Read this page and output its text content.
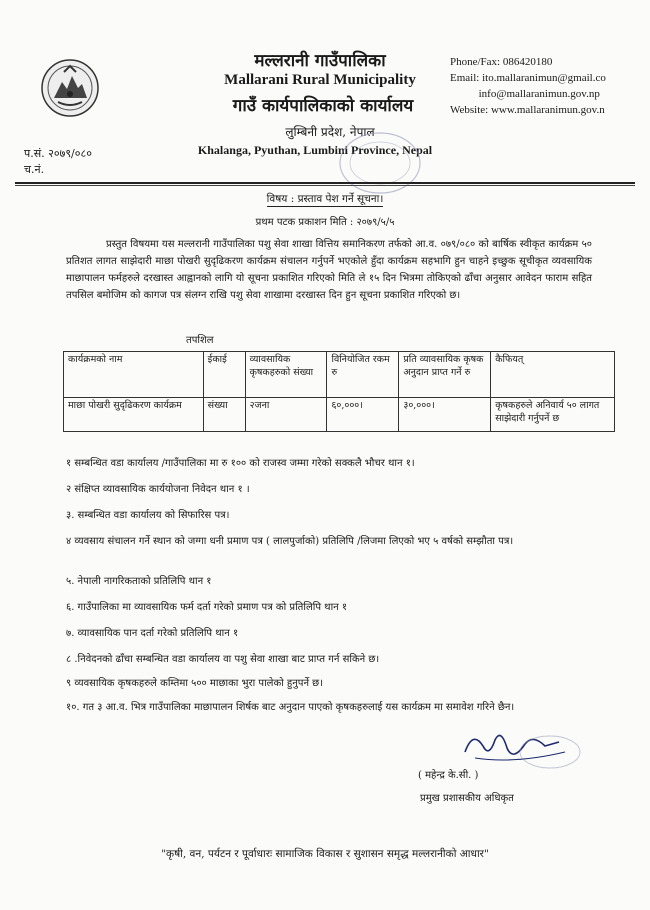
मल्लरानी गाउँपालिका
Mallarani Rural Municipality
गाउँ कार्यपालिकाको कार्यालय
लुम्बिनी प्रदेश, नेपाल
Khalanga, Pyuthan, Lumbini Province, Nepal
Phone/Fax: 086420180
Email: ito.mallaranimun@gmail.co
info@mallaranimun.gov.np
Website: www.mallaranimun.gov.n
प.सं. २०७९/०८०
च.नं.
विषय : प्रस्ताव पेश गर्ने सूचना।
प्रथम पटक प्रकाशन मिति : २०७९/५/५
प्रस्तुत विषयमा यस मल्लरानी गाउँपालिका पशु सेवा शाखा वित्तिय समानिकरण तर्फको आ.व. ०७९/०८० को बार्षिक स्वीकृत कार्यक्रम ५० प्रतिशत लागत साझेदारी माछा पोखरी सुदृढिकरण कार्यक्रम संचालन गर्नुपर्ने भएकोले हुँदा कार्यक्रम सहभागि हुन चाहने इच्छुक सूचीकृत व्यवसायिक माछापालन फर्महरुले दरखास्त आह्वानको लागि यो सूचना प्रकाशित गरिएको मिति ले १५ दिन भित्रमा तोकिएको ढाँचा अनुसार आवेदन फाराम सहित तपसिल बमोजिम को कागज पत्र संलग्न राखि पशु सेवा शाखामा दरखास्त दिन हुन सूचना प्रकाशित गरिएको छ।
तपशिल
कार्यक्रमको नाम	ईकाई	व्यावसायिक कृषकहरुको संख्या	विनियोजित रकम रु	प्रति व्यावसायिक कृषक अनुदान प्राप्त गर्ने रु	कैफियत्
माछा पोखरी सुदृढिकरण कार्यक्रम	संख्या	२जना	६०,०००।	३०,०००।	कृषकहरुले अनिवार्य ५० लागत साझेदारी गर्नुपर्ने छ
१ सम्बन्धित वडा कार्यालय /गाउँपालिका मा रु १०० को राजस्व जम्मा गरेको सक्कलै भौचर थान १।
२ संक्षिप्त व्यावसायिक कार्ययोजना निवेदन थान १ ।
३. सम्बन्धित वडा कार्यालय को सिफारिस पत्र।
४ व्यवसाय संचालन गर्ने स्थान को जग्गा धनी प्रमाण पत्र ( लालपुर्जाको) प्रतिलिपि /लिजमा लिएको भए ५ वर्षको सम्झौता पत्र।
५. नेपाली नागरिकताको प्रतिलिपि थान १
६. गाउँपालिका मा व्यावसायिक फर्म दर्ता गरेको प्रमाण पत्र को प्रतिलिपि थान १
७. व्यावसायिक पान दर्ता गरेको प्रतिलिपि थान १
८ .निवेदनको ढाँचा सम्बन्धित वडा कार्यालय वा पशु सेवा शाखा बाट प्राप्त गर्न सकिने छ।
९ व्यवसायिक कृषकहरुले कम्तिमा ५०० माछाका भुरा पालेको हुनुपर्ने छ।
१०. गत ३ आ.व. भित्र गाउँपालिका माछापालन शिर्षक बाट अनुदान पाएको कृषकहरुलाई यस कार्यक्रम मा समावेश गरिने छैन।
( महेन्द्र के.सी. )
प्रमुख प्रशासकीय अधिकृत
"कृषी, वन, पर्यटन र पूर्वाधारः सामाजिक विकास र सुशासन समृद्ध मल्लरानीको आधार"
